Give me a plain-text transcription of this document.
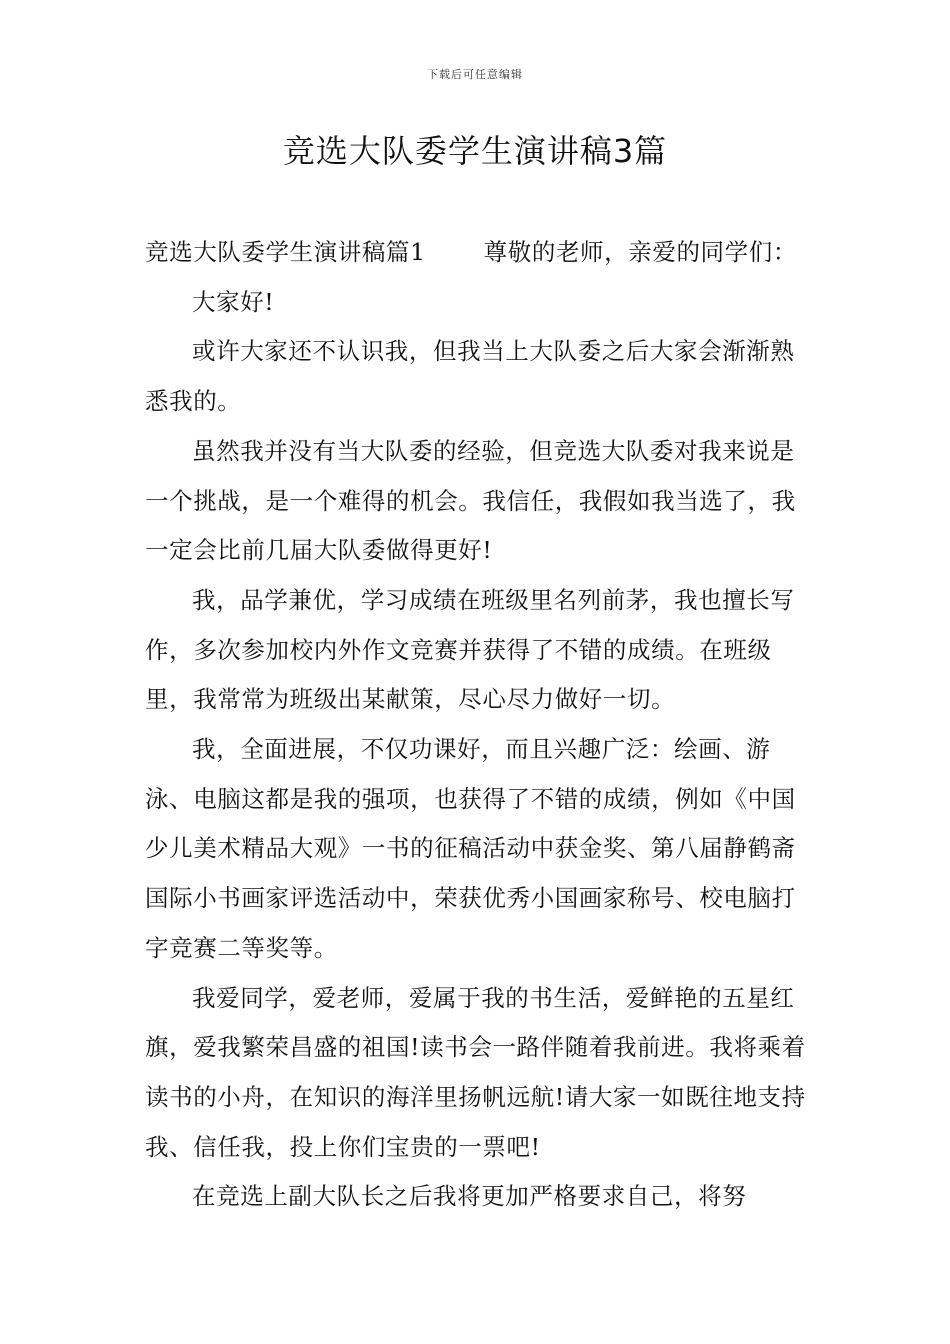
下载后可任意编辑
竞选大队委学生演讲稿3篇

竞选大队委学生演讲稿篇1 尊敬的老师，亲爱的同学们：

大家好!

或许大家还不认识我，但我当上大队委之后大家会渐渐熟悉我的。

虽然我并没有当大队委的经验，但竞选大队委对我来说是一个挑战，是一个难得的机会。我信任，我假如我当选了，我一定会比前几届大队委做得更好!

我，品学兼优，学习成绩在班级里名列前茅，我也擅长写作，多次参加校内外作文竞赛并获得了不错的成绩。在班级里，我常常为班级出某献策，尽心尽力做好一切。

我，全面进展，不仅功课好，而且兴趣广泛：绘画、游泳、电脑这都是我的强项，也获得了不错的成绩，例如《中国少儿美术精品大观》一书的征稿活动中获金奖、第八届静鹤斋国际小书画家评选活动中，荣获优秀小国画家称号、校电脑打字竞赛二等奖等。

我爱同学，爱老师，爱属于我的书生活，爱鲜艳的五星红旗，爱我繁荣昌盛的祖国!读书会一路伴随着我前进。我将乘着读书的小舟，在知识的海洋里扬帆远航!请大家一如既往地支持我、信任我，投上你们宝贵的一票吧!

在竞选上副大队长之后我将更加严格要求自己，将努
